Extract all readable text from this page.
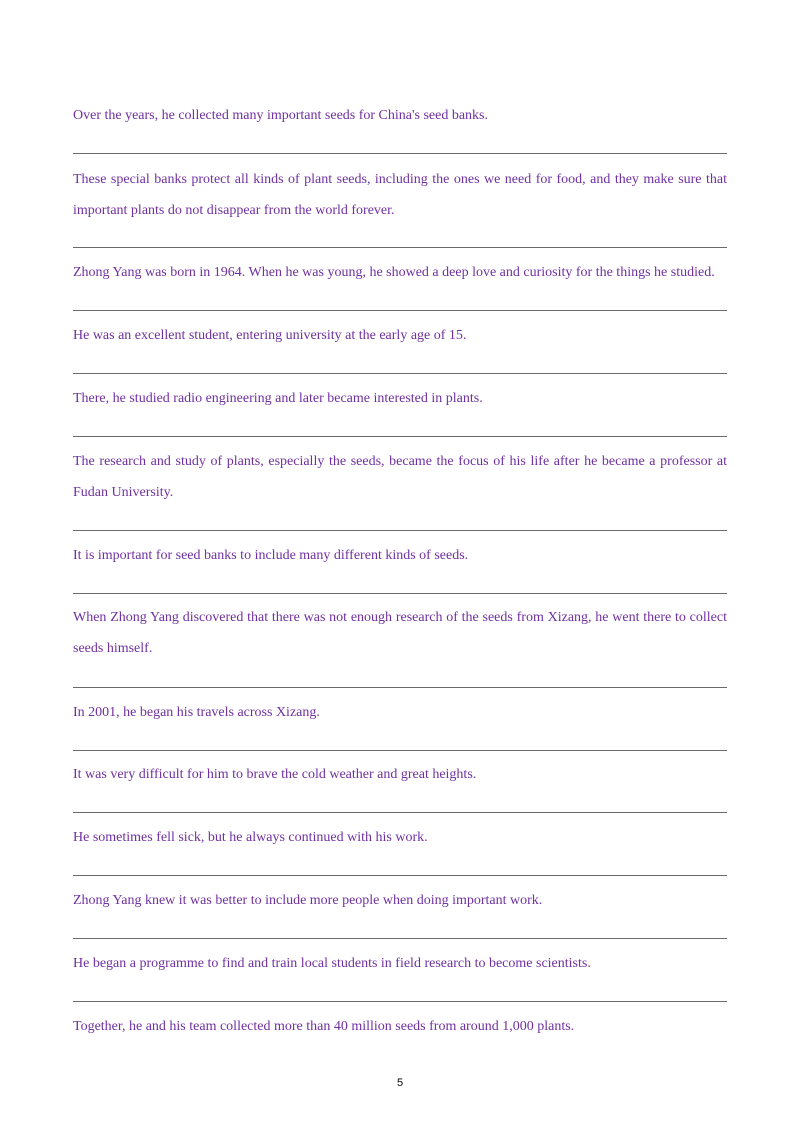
Over the years, he collected many important seeds for China's seed banks.

These special banks protect all kinds of plant seeds, including the ones we need for food, and they make sure that important plants do not disappear from the world forever.

Zhong Yang was born in 1964. When he was young, he showed a deep love and curiosity for the things he studied.

He was an excellent student, entering university at the early age of 15.

There, he studied radio engineering and later became interested in plants.

The research and study of plants, especially the seeds, became the focus of his life after he became a professor at Fudan University.

It is important for seed banks to include many different kinds of seeds.

When Zhong Yang discovered that there was not enough research of the seeds from Xizang, he went there to collect seeds himself.

In 2001, he began his travels across Xizang.

It was very difficult for him to brave the cold weather and great heights.

He sometimes fell sick, but he always continued with his work.

Zhong Yang knew it was better to include more people when doing important work.

He began a programme to find and train local students in field research to become scientists.

Together, he and his team collected more than 40 million seeds from around 1,000 plants.

5
